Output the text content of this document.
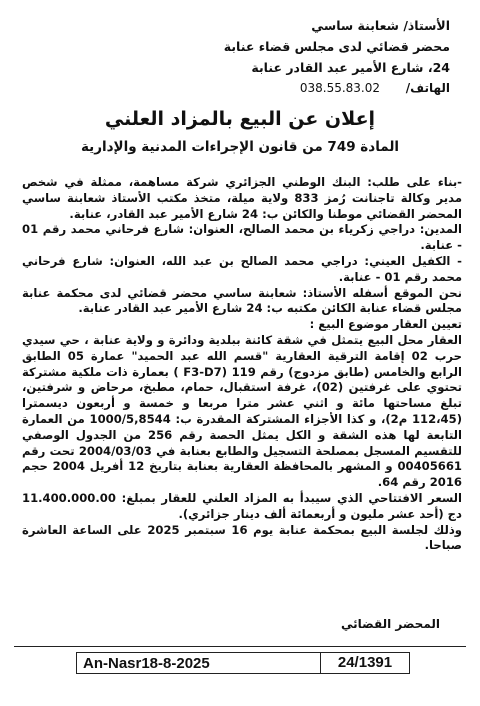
الأستاذ/ شعابنة ساسي
محضر قضائي لدى مجلس قضاء عنابة
24، شارع الأمير عبد القادر عنابة
الهاتف/
038.55.83.02
إعلان عن البيع بالمزاد العلني
المادة 749 من قانون الإجراءات المدنية والإدارية

-بناء على طلب: البنك الوطني الجزائري شركة مساهمة، ممثلة في شخص مدير وكالة تاجنانت رُمز 833 ولاية ميلة، متخذ مكتب الأستاذ شعابنة ساسي المحضر القضائي موطنا والكائن ب: 24 شارع الأمير عبد القادر، عنابة.

المدين: دراجي زكرياء بن محمد الصالح، العنوان: شارع فرحاني محمد رقم 01 - عنابة.

- الكفيل العيني: دراجي محمد الصالح بن عبد الله، العنوان: شارع فرحاني محمد رقم 01 - عنابة.

نحن الموقع أسفله الأستاذ: شعابنة ساسي محضر قضائي لدى محكمة عنابة مجلس قضاء عنابة الكائن مكتبه ب: 24 شارع الأمير عبد القادر عنابة.

تعيين العقار موضوع البيع :

العقار محل البيع يتمثل في شقة كائنة ببلدية ودائرة و ولاية عنابة ، حي سيدي حرب 02 إقامة الترقية العقارية "قسم الله عبد الحميد" عمارة 05 الطابق الرابع والخامس (طابق مزدوج) رقم 119 (F3-D7 ) بعمارة ذات ملكية مشتركة تحتوي على غرفتين (02)، غرفة استقبال، حمام، مطبخ، مرحاض و شرفتين، تبلغ مساحتها مائة و اثني عشر مترا مربعا و خمسة و أربعون ديسمترا (112،45 م2)، و كذا الأجزاء المشتركة المقدرة ب: 1000/5,8544 من العمارة التابعة لها هذه الشقة و الكل يمثل الحصة رقم 256 من الجدول الوصفي للتقسيم المسجل بمصلحة التسجيل والطابع بعنابة في 2004/03/03 تحت رقم 00405661 و المشهر بالمحافظة العقارية بعنابة بتاريخ 12 أفريل 2004 حجم 2016 رقم 64.

السعر الافتتاحي الذي سيبدأ به المزاد العلني للعقار بمبلغ: 11.400.000.00 دج (أحد عشر مليون و أربعمائة ألف دينار جزائري).

وذلك لجلسة البيع بمحكمة عنابة يوم 16 سبتمبر 2025 على الساعة العاشرة صباحا.

المحضر القضائي
An-Nasr18-8-2025	24/1391
